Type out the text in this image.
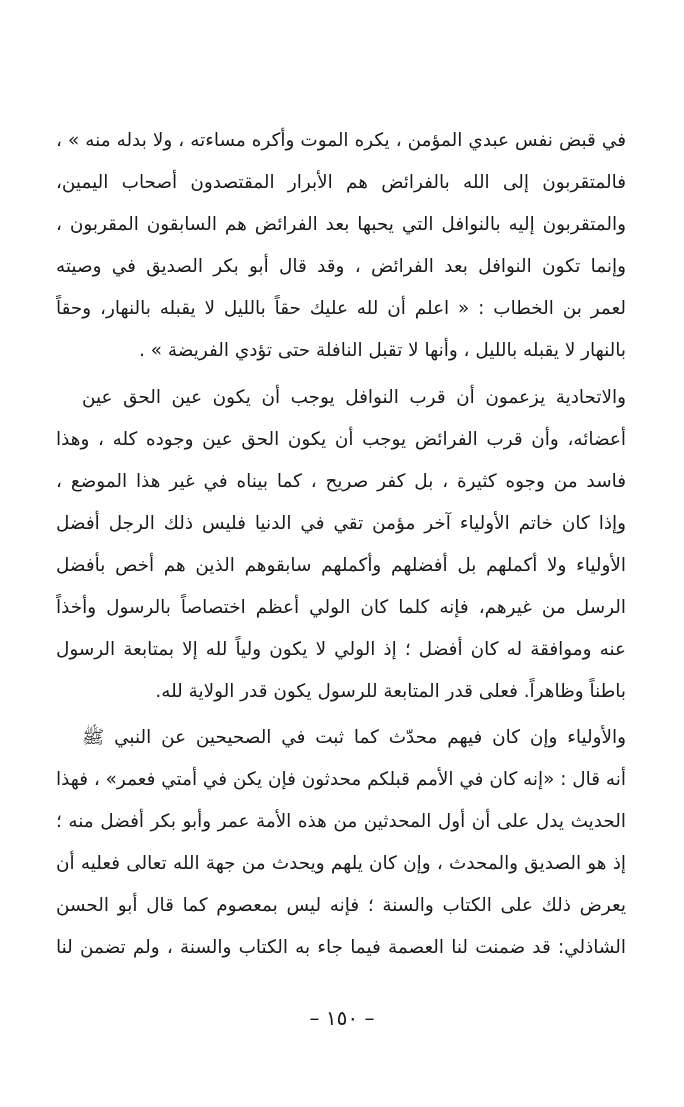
في قبض نفس عبدي المؤمن ، يكره الموت وأكره مساءته ، ولا بدله منه » ،
فالمتقربون إلى الله بالفرائض هم الأبرار المقتصدون أصحاب اليمين،
والمتقربون إليه بالنوافل التي يحبها بعد الفرائض هم السابقون المقربون ،
وإنما تكون النوافل بعد الفرائض ، وقد قال أبو بكر الصديق في وصيته
لعمر بن الخطاب : « اعلم أن لله عليك حقاً بالليل لا يقبله بالنهار، وحقاً
بالنهار لا يقبله بالليل ، وأنها لا تقبل النافلة حتى تؤدي الفريضة » .
والاتحادية يزعمون أن قرب النوافل يوجب أن يكون عين الحق عين
أعضائه، وأن قرب الفرائض يوجب أن يكون الحق عين وجوده كله ، وهذا
فاسد من وجوه كثيرة ، بل كفر صريح ، كما بيناه في غير هذا الموضع ،
وإذا كان خاتم الأولياء آخر مؤمن تقي في الدنيا فليس ذلك الرجل أفضل
الأولياء ولا أكملهم بل أفضلهم وأكملهم سابقوهم الذين هم أخص بأفضل
الرسل من غيرهم، فإنه كلما كان الولي أعظم اختصاصاً بالرسول وأخذاً
عنه وموافقة له كان أفضل ؛ إذ الولي لا يكون ولياً لله إلا بمتابعة الرسول
باطناً وظاهراً. فعلى قدر المتابعة للرسول يكون قدر الولاية لله.
والأولياء وإن كان فيهم محدّث كما ثبت في الصحيحين عن النبي ﷺ
أنه قال : «إنه كان في الأمم قبلكم محدثون فإن يكن في أمتي فعمر» ، فهذا
الحديث يدل على أن أول المحدثين من هذه الأمة عمر وأبو بكر أفضل منه ؛
إذ هو الصديق والمحدث ، وإن كان يلهم ويحدث من جهة الله تعالى فعليه أن
يعرض ذلك على الكتاب والسنة ؛ فإنه ليس بمعصوم كما قال أبو الحسن
الشاذلي: قد ضمنت لنا العصمة فيما جاء به الكتاب والسنة ، ولم تضمن لنا
– ١٥٠ –
